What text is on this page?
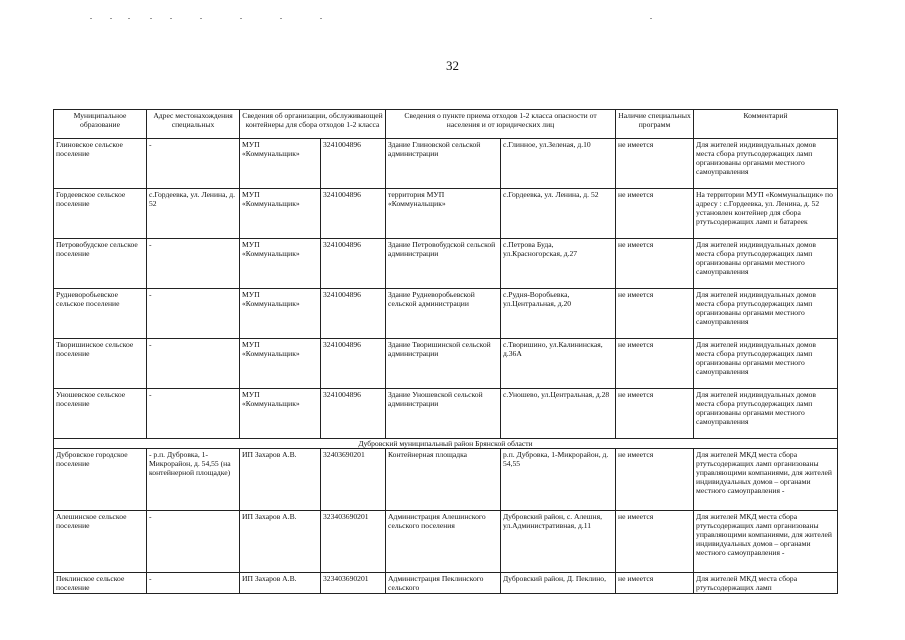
32
Муниципальное образование	Адрес местонахождения специальных	Сведения об организации, обслуживающей контейнеры для сбора отходов 1-2 класса		Сведения о пункте приема отходов 1-2 класса опасности от населения и от юридических лиц		Наличие специальных программ	Комментарий
Глиновское сельское поселение	-	МУП «Коммунальщик»	3241004896	Здание Глиновской сельской администрации	с.Глинное, ул.Зеленая, д.10	не имеется	Для жителей индивидуальных домов места сбора ртутьсодержащих ламп организованы органами местного самоуправления
Гордеевское сельское поселение	с.Гордеевка, ул. Ленина, д. 52	МУП «Коммунальщик»	3241004896	территория МУП «Коммунальщик»	с.Гордеевка, ул. Ленина, д. 52	не имеется	На территории МУП «Коммунальщик» по адресу : с.Гордеевка, ул. Ленина, д. 52 установлен контейнер для сбора ртутьсодержащих ламп и батареек
Петровобудское сельское поселение	-	МУП «Коммунальщик»	3241004896	Здание Петровобудской сельской администрации	с.Петрова Буда, ул.Красногорская, д.27	не имеется	Для жителей индивидуальных домов места сбора ртутьсодержащих ламп организованы органами местного самоуправления
Рудневоробьевское сельское поселение	-	МУП «Коммунальщик»	3241004896	Здание Рудневоробьевской сельской администрации	с.Рудня-Воробьевка, ул.Центральная, д.20	не имеется	Для жителей индивидуальных домов места сбора ртутьсодержащих ламп организованы органами местного самоуправления
Творишинское сельское поселение	-	МУП «Коммунальщик»	3241004896	Здание Творишинской сельской администрации	с.Творишино, ул.Калининская, д.36А	не имеется	Для жителей индивидуальных домов места сбора ртутьсодержащих ламп организованы органами местного самоуправления
Уношевское сельское поселение	-	МУП «Коммунальщик»	3241004896	Здание Уношевской сельской администрации	с.Уношево, ул.Центральная, д.28	не имеется	Для жителей индивидуальных домов места сбора ртутьсодержащих ламп организованы органами местного самоуправления
Дубровский муниципальный район Брянской области							
Дубровское городское поселение	- р.п. Дубровка, 1-Микрорайон, д. 54,55 (на контейнерной площадке)	ИП Захаров А.В.	32403690201	Контейнерная площадка	р.п. Дубровка, 1-Микрорайон, д. 54,55	не имеется	Для жителей МКД места сбора ртутьсодержащих ламп организованы управляющими компаниями, для жителей индивидуальных домов – органами местного самоуправления -
Алешинское сельское поселение	-	ИП Захаров А.В.	323403690201	Администрация Алешинского сельского поселения	Дубровский район, с. Алешня, ул.Административная, д.11	не имеется	Для жителей МКД места сбора ртутьсодержащих ламп организованы управляющими компаниями, для жителей индивидуальных домов – органами местного самоуправления -
Пеклинское сельское поселение	-	ИП Захаров А.В.	323403690201	Администрация Пеклинского сельского	Дубровский район, Д. Пеклино,	не имеется	Для жителей МКД места сбора ртутьсодержащих ламп
